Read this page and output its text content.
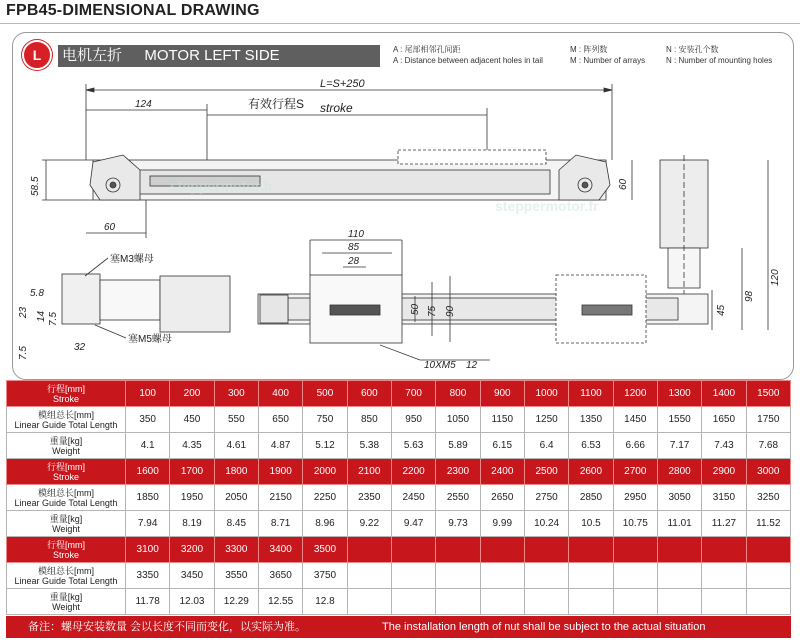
FPB45-DIMENSIONAL DRAWING
L	电机左折 MOTOR LEFT SIDE	A : 尾部相邻孔间距
A : Distance between adjacent holes in tail
M : 阵列数
M : Number of arrays
N : 安装孔个数
N : Number of mounting holes
L=S+250
124	有效行程S stroke
58.5
60
60
45
98
120
110
85
28
50 75 90
10XM5 12
塞M3螺母
塞M5螺母
5.8
23 14 7.5
7.5	32
steppermotor.fr
steppermotor.fr
行程[mm]
Stroke	100	200	300	400	500	600	700	800	900	1000	1100	1200	1300	1400	1500

模组总长[mm]
Linear Guide Total Length	350	450	550	650	750	850	950	1050	1150	1250	1350	1450	1550	1650	1750

重量[kg]
Weight	4.1	4.35	4.61	4.87	5.12	5.38	5.63	5.89	6.15	6.4	6.53	6.66	7.17	7.43	7.68

行程[mm]
Stroke	1600	1700	1800	1900	2000	2100	2200	2300	2400	2500	2600	2700	2800	2900	3000

模组总长[mm]
Linear Guide Total Length	1850	1950	2050	2150	2250	2350	2450	2550	2650	2750	2850	2950	3050	3150	3250

重量[kg]
Weight	7.94	8.19	8.45	8.71	8.96	9.22	9.47	9.73	9.99	10.24	10.5	10.75	11.01	11.27	11.52

行程[mm]
Stroke	3100	3200	3300	3400	3500										

模组总长[mm]
Linear Guide Total Length	3350	3450	3550	3650	3750										

重量[kg]
Weight	11.78	12.03	12.29	12.55	12.8										
备注：螺母安装数量 会以长度不同而变化，以实际为准。	The installation length of nut shall be subject to the actual situation
